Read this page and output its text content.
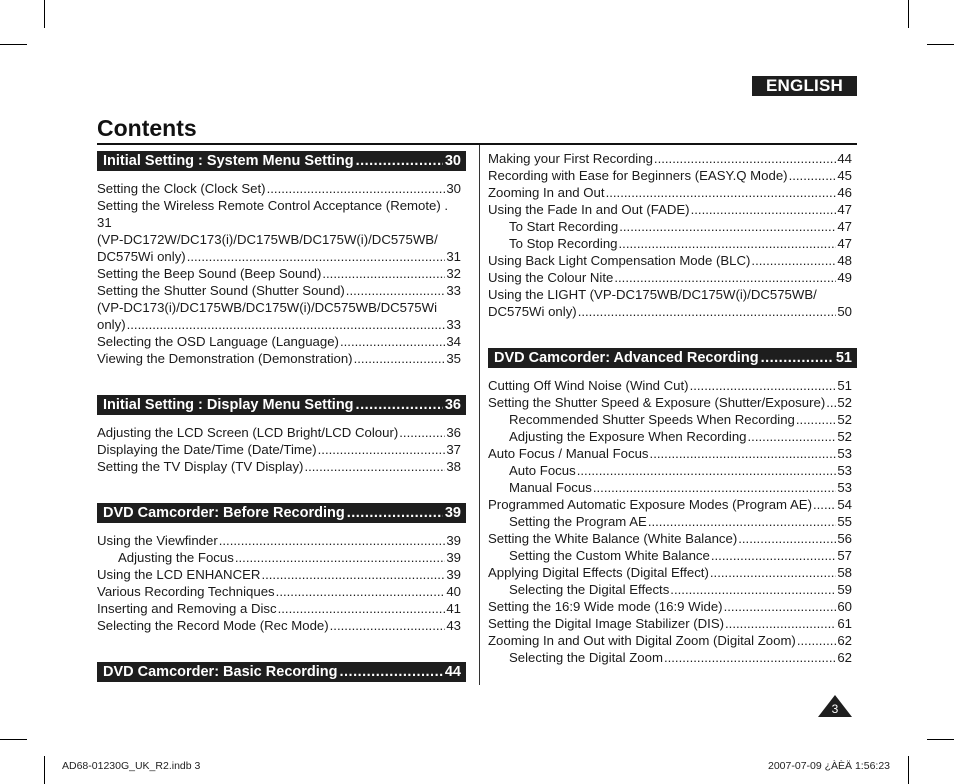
ENGLISH
Contents
Initial Setting : System Menu Setting .....	30
Setting the Clock (Clock Set) .....	30
Setting the Wireless Remote Control Acceptance (Remote) .
31
(VP-DC172W/DC173(i)/DC175WB/DC175W(i)/DC575WB/
DC575Wi only) .....	31
Setting the Beep Sound (Beep Sound) .....	32
Setting the Shutter Sound (Shutter Sound) .....	33
(VP-DC173(i)/DC175WB/DC175W(i)/DC575WB/DC575Wi
only) .....	33
Selecting the OSD Language (Language) .....	34
Viewing the Demonstration (Demonstration) .....	35
Initial Setting : Display Menu Setting .....	36
Adjusting the LCD Screen (LCD Bright/LCD Colour) .....	36
Displaying the Date/Time (Date/Time) .....	37
Setting the TV Display (TV Display) .....	38
DVD Camcorder: Before Recording .....	39
Using the Viewfinder .....	39
Adjusting the Focus .....	39
Using the LCD ENHANCER .....	39
Various Recording Techniques .....	40
Inserting and Removing a Disc .....	41
Selecting the Record Mode (Rec Mode) .....	43
DVD Camcorder: Basic Recording .....	44
Making your First Recording .....	44
Recording with Ease for Beginners (EASY.Q Mode) .....	45
Zooming In and Out .....	46
Using the Fade In and Out (FADE) .....	47
To Start Recording .....	47
To Stop Recording .....	47
Using Back Light Compensation Mode (BLC) .....	48
Using the Colour Nite .....	49
Using the LIGHT (VP-DC175WB/DC175W(i)/DC575WB/
DC575Wi only) .....	50
DVD Camcorder: Advanced Recording .....	51
Cutting Off Wind Noise (Wind Cut) .....	51
Setting the Shutter Speed & Exposure (Shutter/Exposure) ..... 52
Recommended Shutter Speeds When Recording .....	52
Adjusting the Exposure When Recording .....	52
Auto Focus / Manual Focus .....	53
Auto Focus .....	53
Manual Focus .....	53
Programmed Automatic Exposure Modes (Program AE) ..... 54
Setting the Program AE .....	55
Setting the White Balance (White Balance) .....	56
Setting the Custom White Balance .....	57
Applying Digital Effects (Digital Effect) .....	58
Selecting the Digital Effects .....	59
Setting the 16:9 Wide mode (16:9 Wide) .....	60
Setting the Digital Image Stabilizer (DIS) .....	61
Zooming In and Out with Digital Zoom (Digital Zoom) .....	62
Selecting the Digital Zoom .....	62
3
AD68-01230G_UK_R2.indb 3	2007-07-09 ¿ÀÈÄ 1:56:23
